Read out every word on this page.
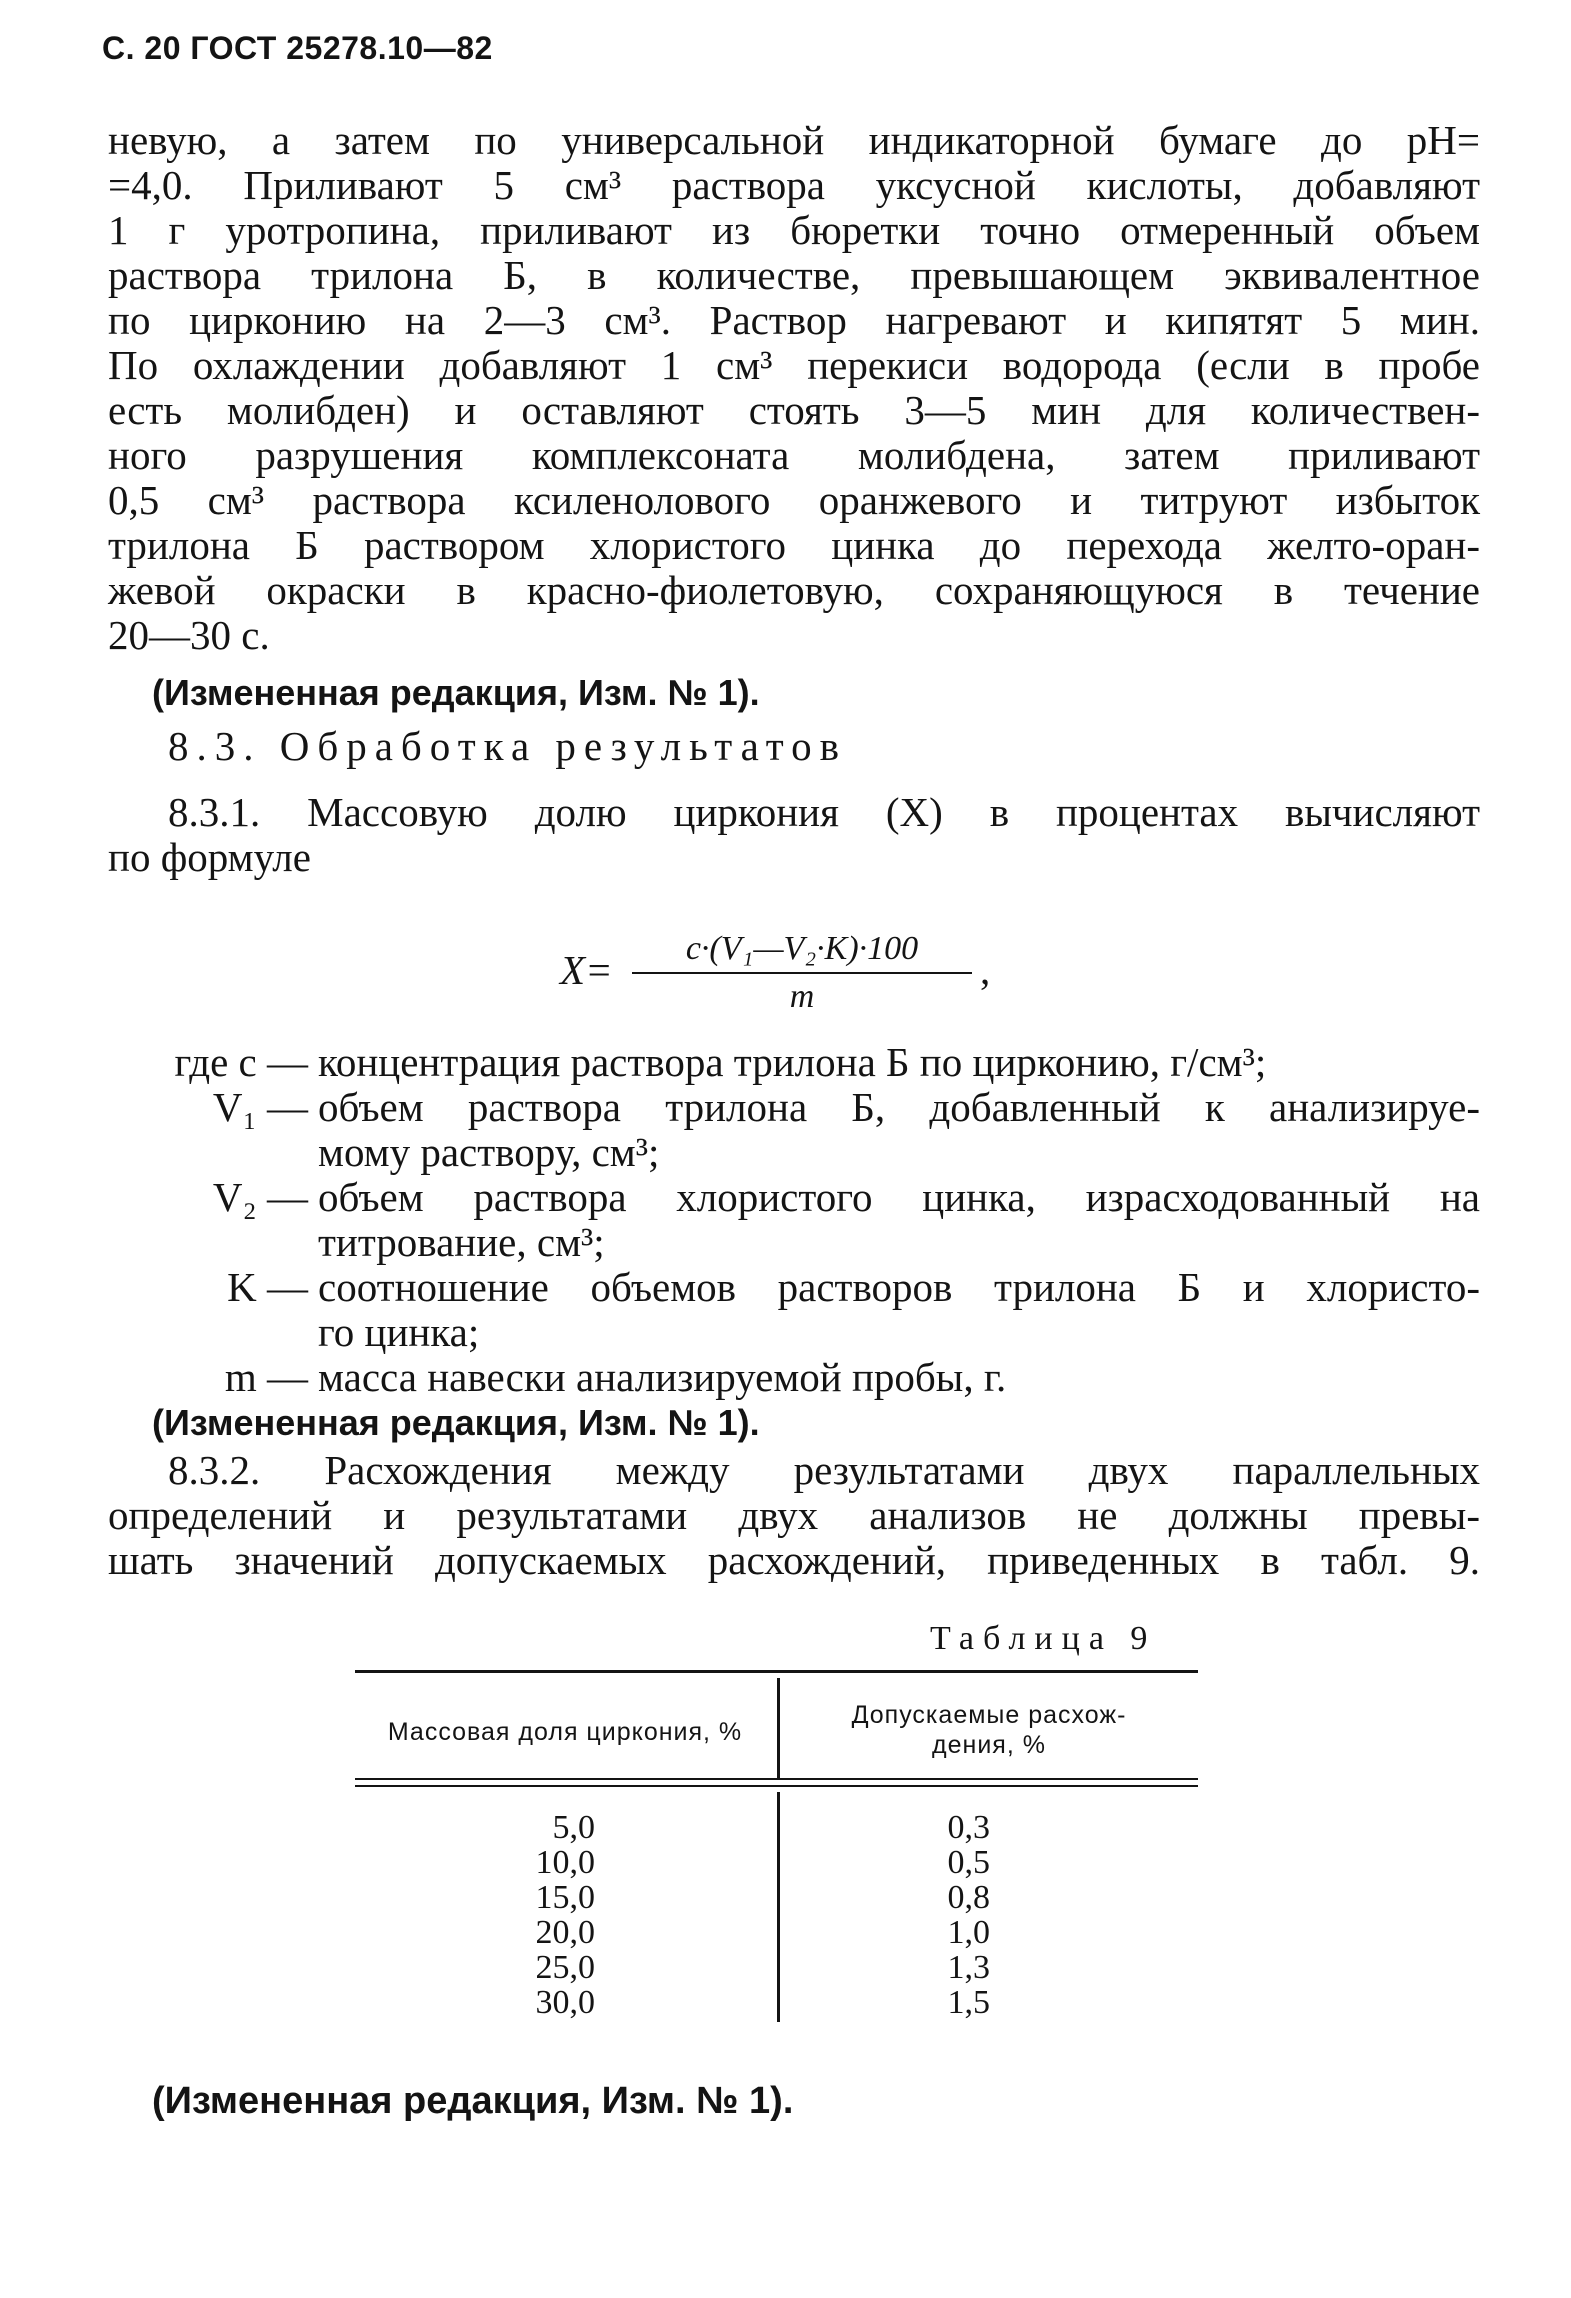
С. 20 ГОСТ 25278.10—82
невую, а затем по универсальной индикаторной бумаге до pH=
=4,0. Приливают 5 см³ раствора уксусной кислоты, добавляют
1 г уротропина, приливают из бюретки точно отмеренный объем
раствора трилона Б, в количестве, превышающем эквивалентное
по цирконию на 2—3 см³. Раствор нагревают и кипятят 5 мин.
По охлаждении добавляют 1 см³ перекиси водорода (если в пробе
есть молибден) и оставляют стоять 3—5 мин для количествен-
ного разрушения комплексоната молибдена, затем приливают
0,5 см³ раствора ксиленолового оранжевого и титруют избыток
трилона Б раствором хлористого цинка до перехода желто-оран-
жевой окраски в красно-фиолетовую, сохраняющуюся в течение
20—30 с.
(Измененная редакция, Изм. № 1).
8.3. Обработка результатов
8.3.1. Массовую долю циркония (X) в процентах вычисляют
по формуле
X=	c·(V₁—V₂·K)·100
m
,
где c — концентрация раствора трилона Б по цирконию, г/см³;
V₁ — объем раствора трилона Б, добавленный к анализируе-
мому раствору, см³;
V₂ — объем раствора хлористого цинка, израсходованный на
титрование, см³;
K — соотношение объемов растворов трилона Б и хлористо-
го цинка;
m — масса навески анализируемой пробы, г.
(Измененная редакция, Изм. № 1).
8.3.2. Расхождения между результатами двух параллельных
определений и результатами двух анализов не должны превы-
шать значений допускаемых расхождений, приведенных в табл. 9.
Таблица 9
Массовая доля циркония, %
Допускаемые расхож-
дения, %
5,0
10,0
15,0
20,0
25,0
30,0
0,3
0,5
0,8
1,0
1,3
1,5
(Измененная редакция, Изм. № 1).
